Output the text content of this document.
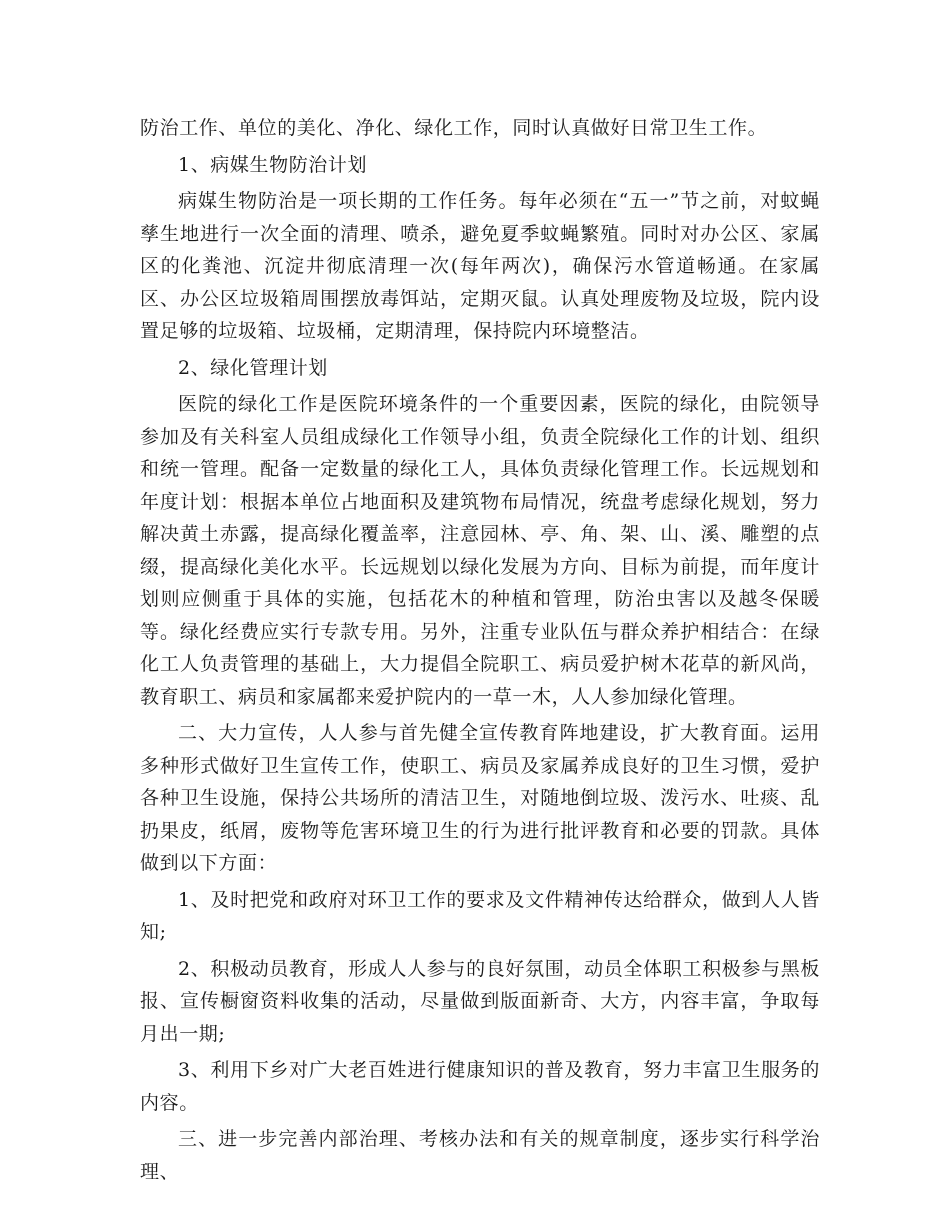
防治工作、单位的美化、净化、绿化工作，同时认真做好日常卫生工作。

1、病媒生物防治计划

病媒生物防治是一项长期的工作任务。每年必须在“五一”节之前，对蚊蝇孳生地进行一次全面的清理、喷杀，避免夏季蚊蝇繁殖。同时对办公区、家属区的化粪池、沉淀井彻底清理一次(每年两次)，确保污水管道畅通。在家属区、办公区垃圾箱周围摆放毒饵站，定期灭鼠。认真处理废物及垃圾，院内设置足够的垃圾箱、垃圾桶，定期清理，保持院内环境整洁。

2、绿化管理计划

医院的绿化工作是医院环境条件的一个重要因素，医院的绿化，由院领导参加及有关科室人员组成绿化工作领导小组，负责全院绿化工作的计划、组织和统一管理。配备一定数量的绿化工人，具体负责绿化管理工作。长远规划和年度计划：根据本单位占地面积及建筑物布局情况，统盘考虑绿化规划，努力解决黄土赤露，提高绿化覆盖率，注意园林、亭、角、架、山、溪、雕塑的点缀，提高绿化美化水平。长远规划以绿化发展为方向、目标为前提，而年度计划则应侧重于具体的实施，包括花木的种植和管理，防治虫害以及越冬保暖等。绿化经费应实行专款专用。另外，注重专业队伍与群众养护相结合：在绿化工人负责管理的基础上，大力提倡全院职工、病员爱护树木花草的新风尚，教育职工、病员和家属都来爱护院内的一草一木，人人参加绿化管理。

二、大力宣传，人人参与首先健全宣传教育阵地建设，扩大教育面。运用多种形式做好卫生宣传工作，使职工、病员及家属养成良好的卫生习惯，爱护各种卫生设施，保持公共场所的清洁卫生，对随地倒垃圾、泼污水、吐痰、乱扔果皮，纸屑，废物等危害环境卫生的行为进行批评教育和必要的罚款。具体做到以下方面：

1、及时把党和政府对环卫工作的要求及文件精神传达给群众，做到人人皆知;

2、积极动员教育，形成人人参与的良好氛围，动员全体职工积极参与黑板报、宣传橱窗资料收集的活动，尽量做到版面新奇、大方，内容丰富，争取每月出一期;

3、利用下乡对广大老百姓进行健康知识的普及教育，努力丰富卫生服务的内容。

三、进一步完善内部治理、考核办法和有关的规章制度，逐步实行科学治理、
